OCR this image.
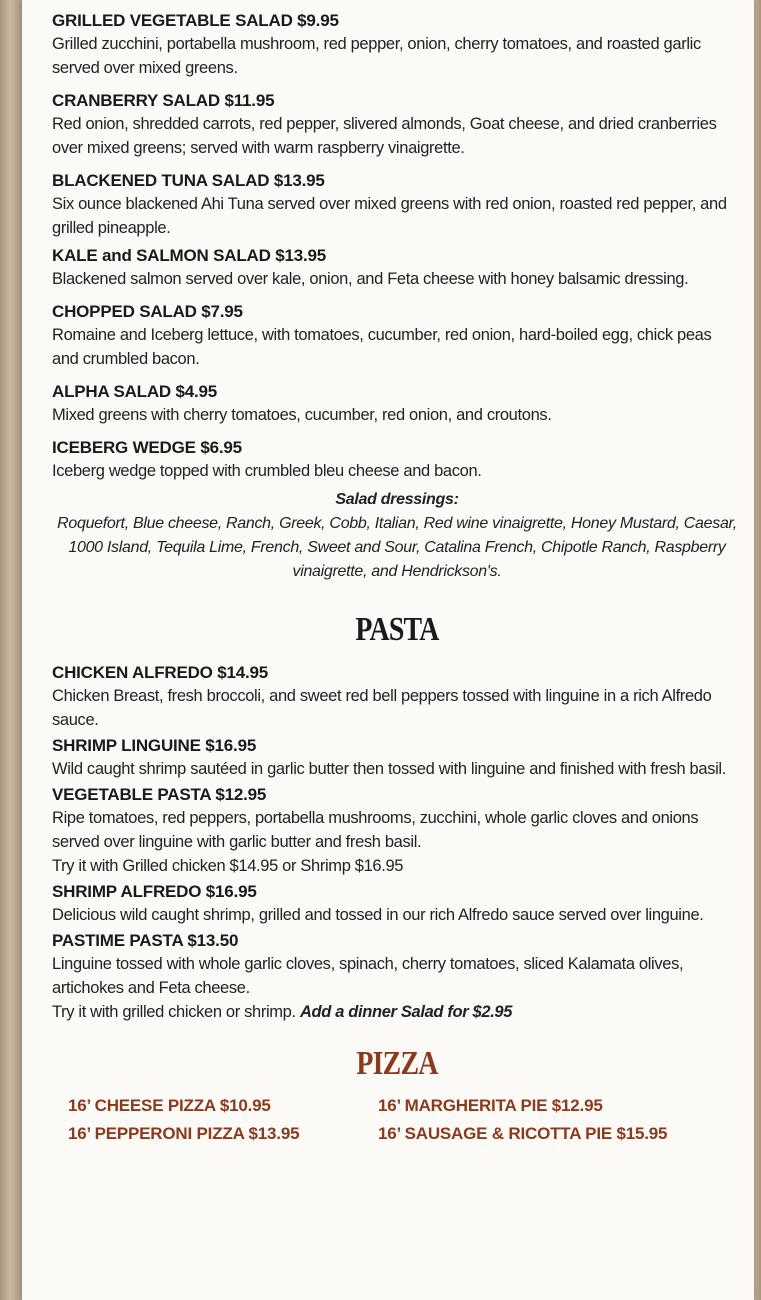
GRILLED VEGETABLE SALAD $9.95
Grilled zucchini, portabella mushroom, red pepper, onion, cherry tomatoes, and roasted garlic served over mixed greens.
CRANBERRY SALAD $11.95
Red onion, shredded carrots, red pepper, slivered almonds, Goat cheese, and dried cranberries over mixed greens; served with warm raspberry vinaigrette.
BLACKENED TUNA SALAD $13.95
Six ounce blackened Ahi Tuna served over mixed greens with red onion, roasted red pepper, and grilled pineapple.
KALE and SALMON SALAD $13.95
Blackened salmon served over kale, onion, and Feta cheese with honey balsamic dressing.
CHOPPED SALAD $7.95
Romaine and Iceberg lettuce, with tomatoes, cucumber, red onion, hard-boiled egg, chick peas and crumbled bacon.
ALPHA SALAD $4.95
Mixed greens with cherry tomatoes, cucumber, red onion, and croutons.
ICEBERG WEDGE $6.95
Iceberg wedge topped with crumbled bleu cheese and bacon.
Salad dressings:
Roquefort, Blue cheese, Ranch, Greek, Cobb, Italian, Red wine vinaigrette, Honey Mustard, Caesar, 1000 Island, Tequila Lime, French, Sweet and Sour, Catalina French, Chipotle Ranch, Raspberry vinaigrette, and Hendrickson's.
PASTA
CHICKEN ALFREDO $14.95
Chicken Breast, fresh broccoli, and sweet red bell peppers tossed with linguine in a rich Alfredo sauce.
SHRIMP LINGUINE $16.95
Wild caught shrimp sautéed in garlic butter then tossed with linguine and finished with fresh basil.
VEGETABLE PASTA $12.95
Ripe tomatoes, red peppers, portabella mushrooms, zucchini, whole garlic cloves and onions served over linguine with garlic butter and fresh basil.
Try it with Grilled chicken $14.95 or Shrimp $16.95
SHRIMP ALFREDO $16.95
Delicious wild caught shrimp, grilled and tossed in our rich Alfredo sauce served over linguine.
PASTIME PASTA $13.50
Linguine tossed with whole garlic cloves, spinach, cherry tomatoes, sliced Kalamata olives, artichokes and Feta cheese.
Try it with grilled chicken or shrimp. Add a dinner Salad for $2.95
PIZZA
16’ CHEESE PIZZA $10.95	16’ MARGHERITA PIE $12.95
16’ PEPPERONI PIZZA $13.95	16’ SAUSAGE & RICOTTA PIE $15.95
